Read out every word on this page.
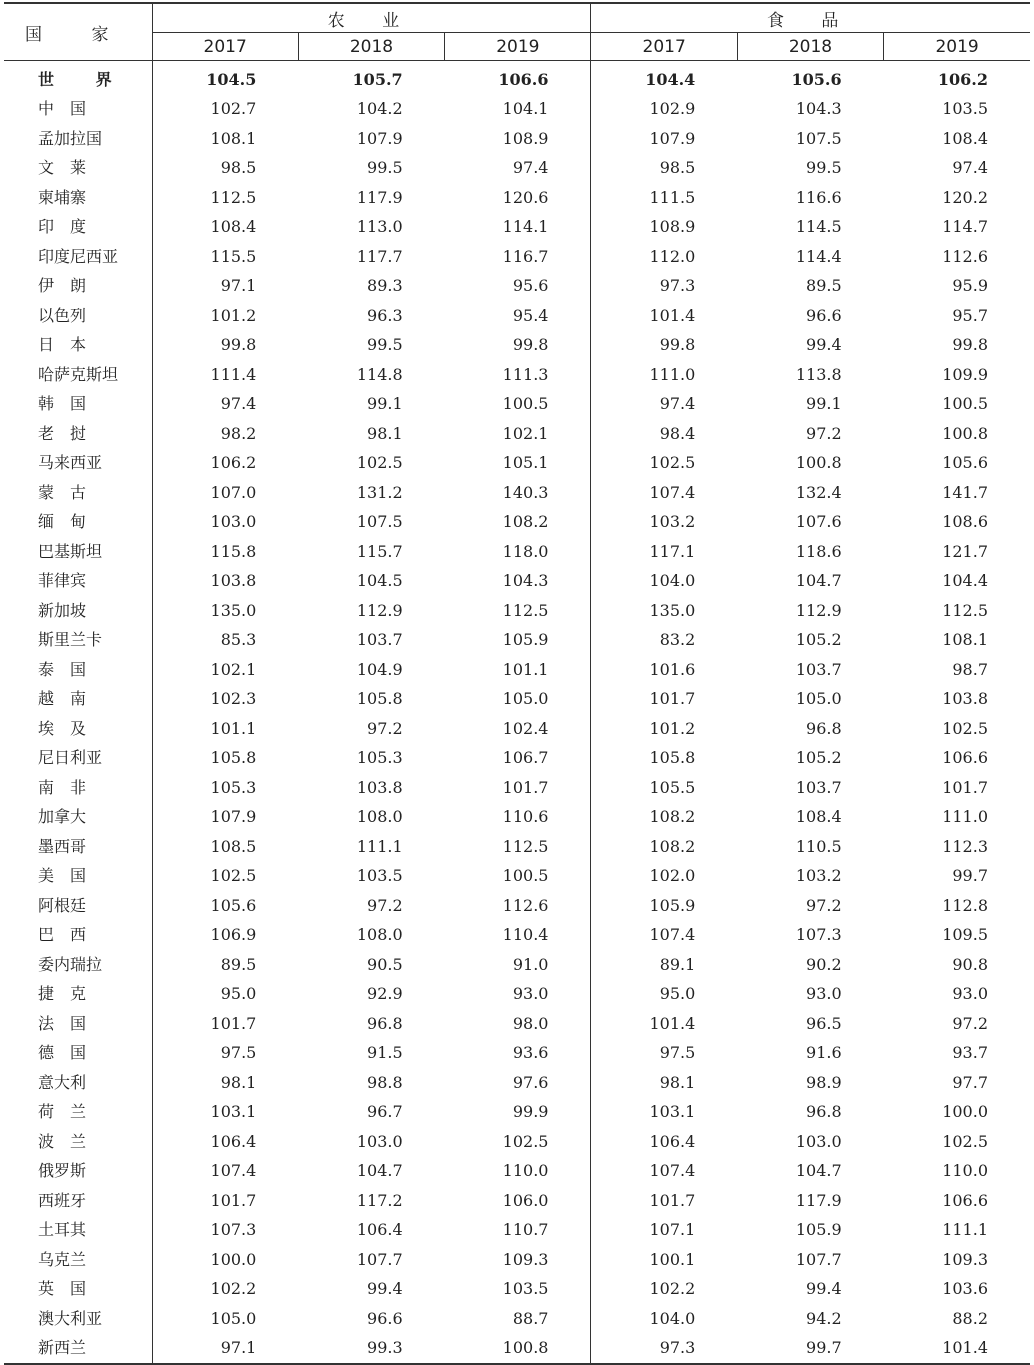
国 家	农 业			食 品		
	2017	2018	2019	2017	2018	2019
世 界	104.5	105.7	106.6	104.4	105.6	106.2
中　国	102.7	104.2	104.1	102.9	104.3	103.5
孟加拉国	108.1	107.9	108.9	107.9	107.5	108.4
文　莱	98.5	99.5	97.4	98.5	99.5	97.4
柬埔寨	112.5	117.9	120.6	111.5	116.6	120.2
印　度	108.4	113.0	114.1	108.9	114.5	114.7
印度尼西亚	115.5	117.7	116.7	112.0	114.4	112.6
伊　朗	97.1	89.3	95.6	97.3	89.5	95.9
以色列	101.2	96.3	95.4	101.4	96.6	95.7
日　本	99.8	99.5	99.8	99.8	99.4	99.8
哈萨克斯坦	111.4	114.8	111.3	111.0	113.8	109.9
韩　国	97.4	99.1	100.5	97.4	99.1	100.5
老　挝	98.2	98.1	102.1	98.4	97.2	100.8
马来西亚	106.2	102.5	105.1	102.5	100.8	105.6
蒙　古	107.0	131.2	140.3	107.4	132.4	141.7
缅　甸	103.0	107.5	108.2	103.2	107.6	108.6
巴基斯坦	115.8	115.7	118.0	117.1	118.6	121.7
菲律宾	103.8	104.5	104.3	104.0	104.7	104.4
新加坡	135.0	112.9	112.5	135.0	112.9	112.5
斯里兰卡	85.3	103.7	105.9	83.2	105.2	108.1
泰　国	102.1	104.9	101.1	101.6	103.7	98.7
越　南	102.3	105.8	105.0	101.7	105.0	103.8
埃　及	101.1	97.2	102.4	101.2	96.8	102.5
尼日利亚	105.8	105.3	106.7	105.8	105.2	106.6
南　非	105.3	103.8	101.7	105.5	103.7	101.7
加拿大	107.9	108.0	110.6	108.2	108.4	111.0
墨西哥	108.5	111.1	112.5	108.2	110.5	112.3
美　国	102.5	103.5	100.5	102.0	103.2	99.7
阿根廷	105.6	97.2	112.6	105.9	97.2	112.8
巴　西	106.9	108.0	110.4	107.4	107.3	109.5
委内瑞拉	89.5	90.5	91.0	89.1	90.2	90.8
捷　克	95.0	92.9	93.0	95.0	93.0	93.0
法　国	101.7	96.8	98.0	101.4	96.5	97.2
德　国	97.5	91.5	93.6	97.5	91.6	93.7
意大利	98.1	98.8	97.6	98.1	98.9	97.7
荷　兰	103.1	96.7	99.9	103.1	96.8	100.0
波　兰	106.4	103.0	102.5	106.4	103.0	102.5
俄罗斯	107.4	104.7	110.0	107.4	104.7	110.0
西班牙	101.7	117.2	106.0	101.7	117.9	106.6
土耳其	107.3	106.4	110.7	107.1	105.9	111.1
乌克兰	100.0	107.7	109.3	100.1	107.7	109.3
英　国	102.2	99.4	103.5	102.2	99.4	103.6
澳大利亚	105.0	96.6	88.7	104.0	94.2	88.2
新西兰	97.1	99.3	100.8	97.3	99.7	101.4
